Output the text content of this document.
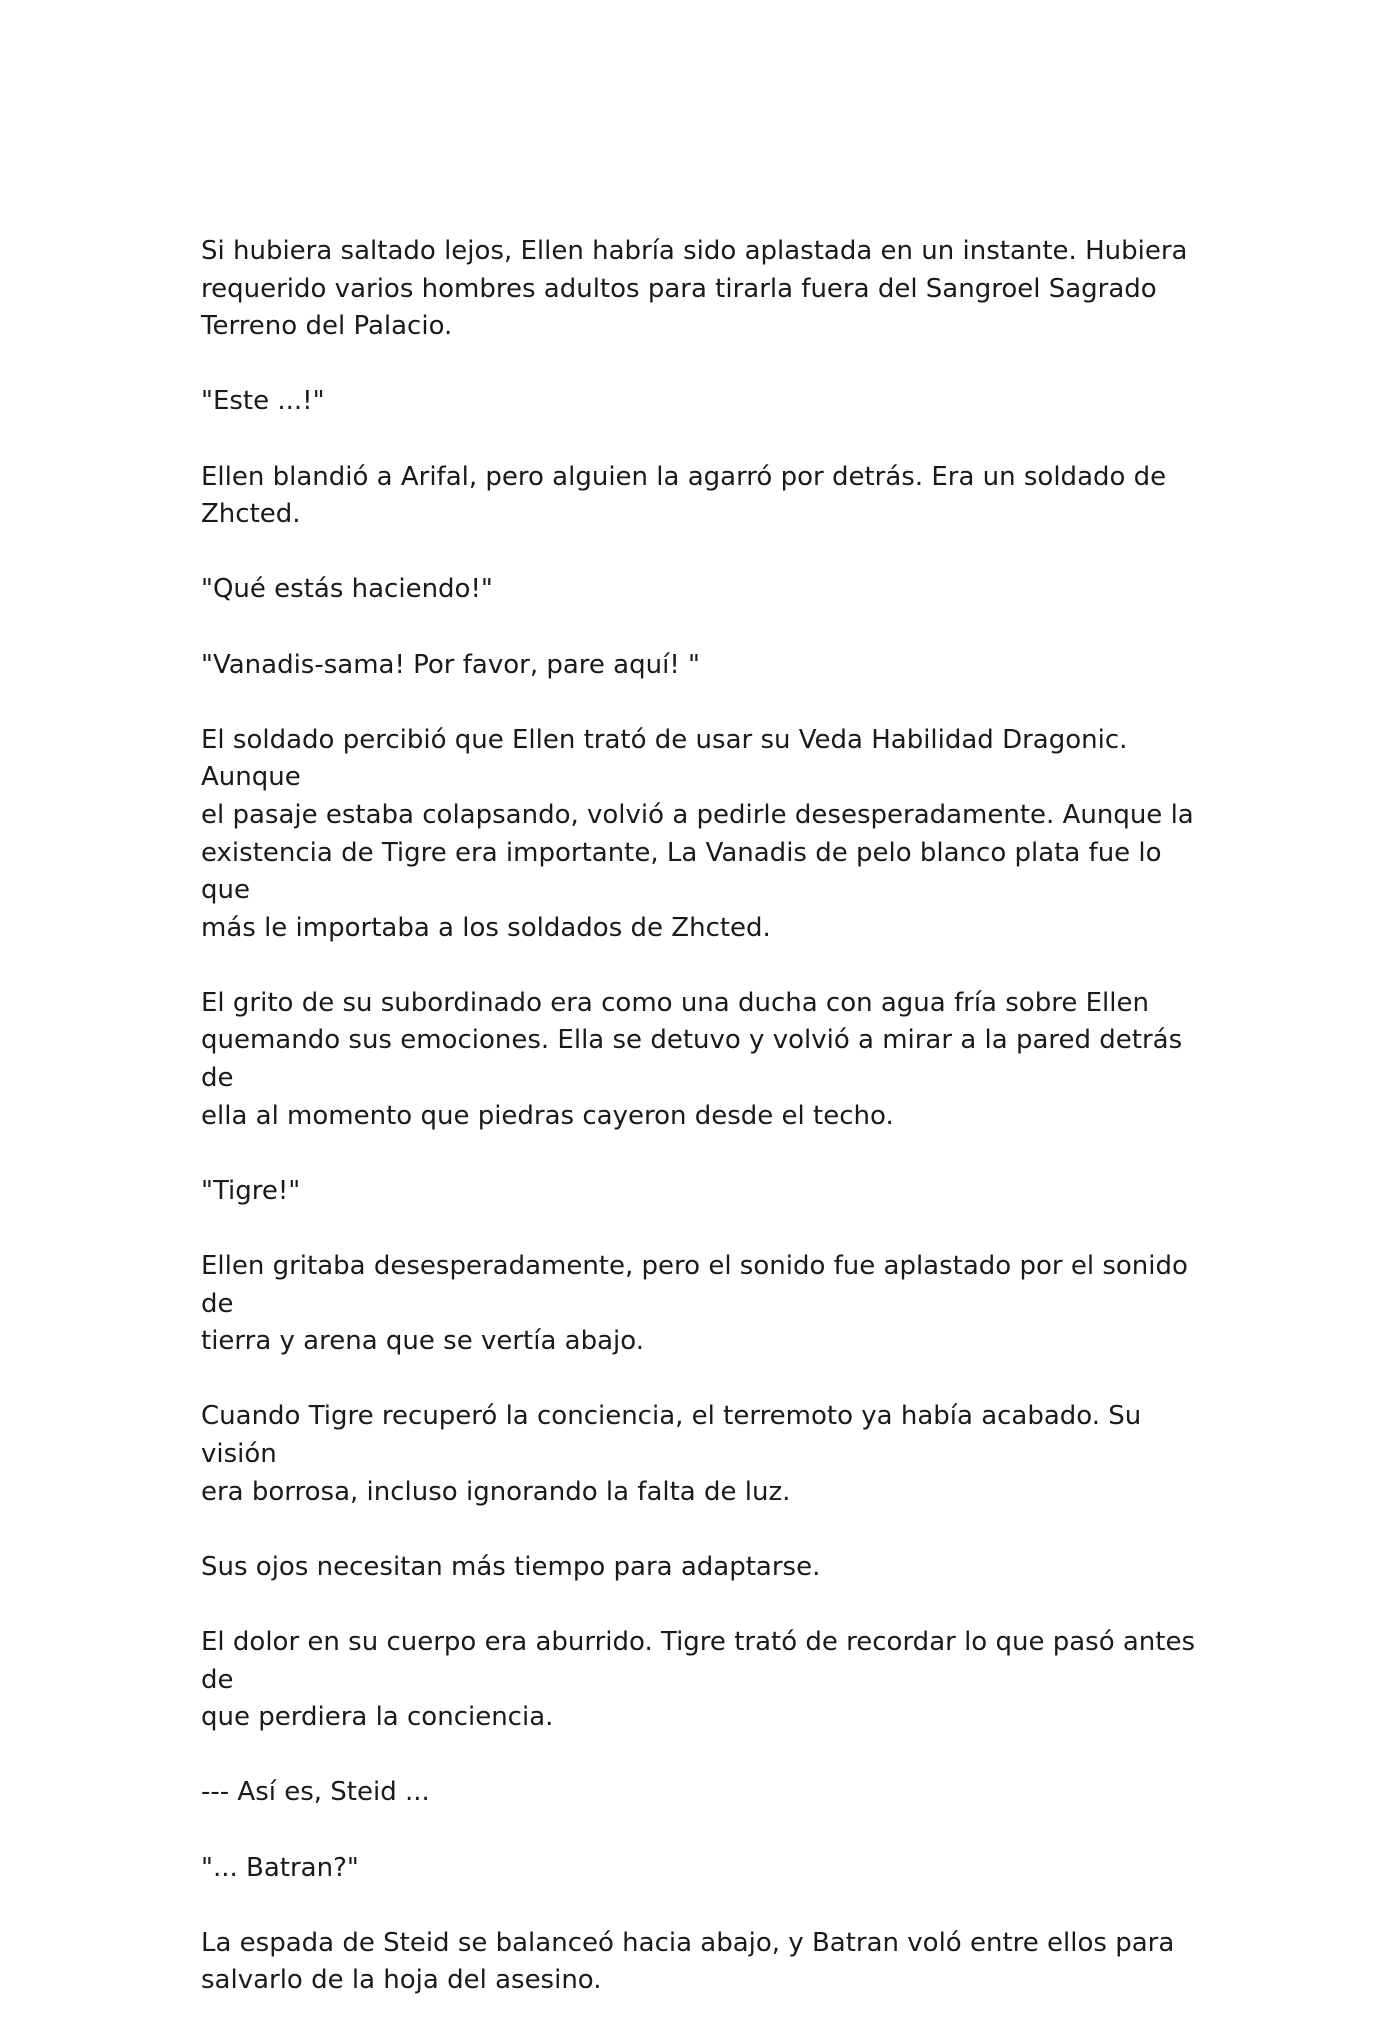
Si hubiera saltado lejos, Ellen habría sido aplastada en un instante. Hubiera
requerido varios hombres adultos para tirarla fuera del Sangroel Sagrado
Terreno del Palacio.

"Este ...!"

Ellen blandió a Arifal, pero alguien la agarró por detrás. Era un soldado de
Zhcted.

"Qué estás haciendo!"

"Vanadis-sama! Por favor, pare aquí! "

El soldado percibió que Ellen trató de usar su Veda Habilidad Dragonic. Aunque
el pasaje estaba colapsando, volvió a pedirle desesperadamente. Aunque la
existencia de Tigre era importante, La Vanadis de pelo blanco plata fue lo que
más le importaba a los soldados de Zhcted.

El grito de su subordinado era como una ducha con agua fría sobre Ellen
quemando sus emociones. Ella se detuvo y volvió a mirar a la pared detrás de
ella al momento que piedras cayeron desde el techo.

"Tigre!"

Ellen gritaba desesperadamente, pero el sonido fue aplastado por el sonido de
tierra y arena que se vertía abajo.

Cuando Tigre recuperó la conciencia, el terremoto ya había acabado. Su visión
era borrosa, incluso ignorando la falta de luz.

Sus ojos necesitan más tiempo para adaptarse.

El dolor en su cuerpo era aburrido. Tigre trató de recordar lo que pasó antes de
que perdiera la conciencia.

--- Así es, Steid ...

"... Batran?"

La espada de Steid se balanceó hacia abajo, y Batran voló entre ellos para
salvarlo de la hoja del asesino.
